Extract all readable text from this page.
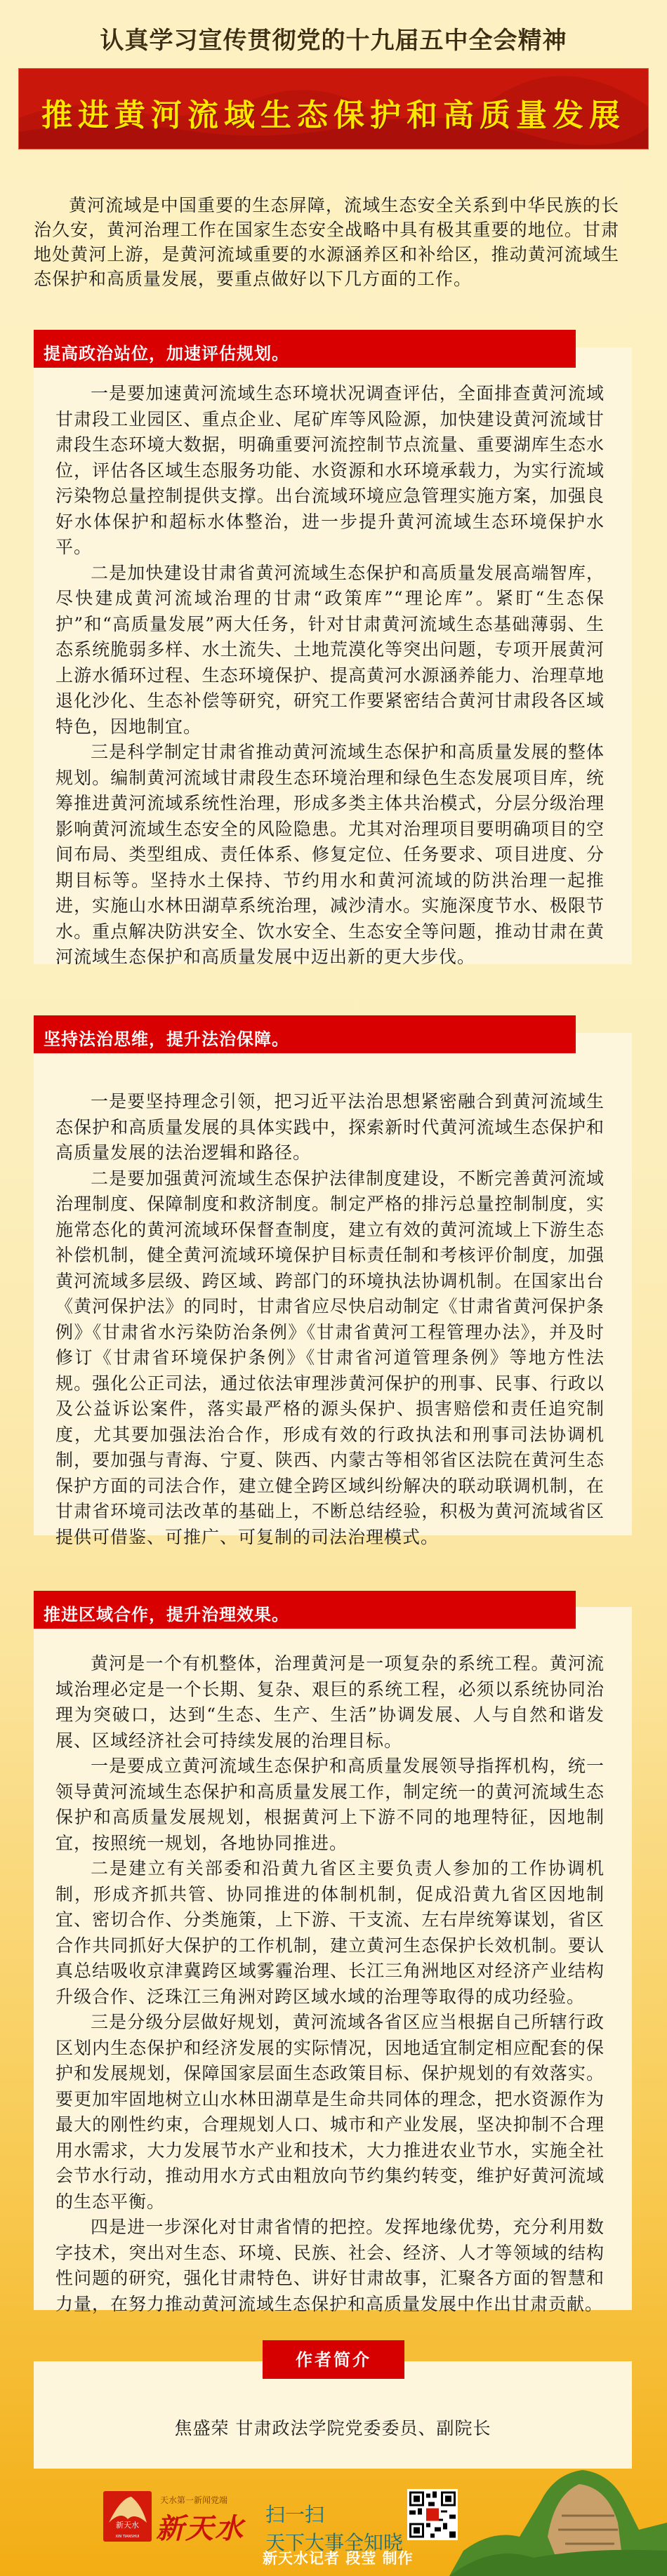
认真学习宣传贯彻党的十九届五中全会精神
推进黄河流域生态保护和高质量发展

黄河流域是中国重要的生态屏障，流域生态安全关系到中华民族的长治久安，黄河治理工作在国家生态安全战略中具有极其重要的地位。甘肃地处黄河上游，是黄河流域重要的水源涵养区和补给区，推动黄河流域生态保护和高质量发展，要重点做好以下几方面的工作。

一是要加速黄河流域生态环境状况调查评估，全面排查黄河流域甘肃段工业园区、重点企业、尾矿库等风险源，加快建设黄河流域甘肃段生态环境大数据，明确重要河流控制节点流量、重要湖库生态水位，评估各区域生态服务功能、水资源和水环境承载力，为实行流域污染物总量控制提供支撑。出台流域环境应急管理实施方案，加强良好水体保护和超标水体整治，进一步提升黄河流域生态环境保护水平。

二是加快建设甘肃省黄河流域生态保护和高质量发展高端智库，尽快建成黄河流域治理的甘肃“政策库”“理论库”。紧盯“生态保护”和“高质量发展”两大任务，针对甘肃黄河流域生态基础薄弱、生态系统脆弱多样、水土流失、土地荒漠化等突出问题，专项开展黄河上游水循环过程、生态环境保护、提高黄河水源涵养能力、治理草地退化沙化、生态补偿等研究，研究工作要紧密结合黄河甘肃段各区域特色，因地制宜。

三是科学制定甘肃省推动黄河流域生态保护和高质量发展的整体规划。编制黄河流域甘肃段生态环境治理和绿色生态发展项目库，统筹推进黄河流域系统性治理，形成多类主体共治模式，分层分级治理影响黄河流域生态安全的风险隐患。尤其对治理项目要明确项目的空间布局、类型组成、责任体系、修复定位、任务要求、项目进度、分期目标等。坚持水土保持、节约用水和黄河流域的防洪治理一起推进，实施山水林田湖草系统治理，减沙清水。实施深度节水、极限节水。重点解决防洪安全、饮水安全、生态安全等问题，推动甘肃在黄河流域生态保护和高质量发展中迈出新的更大步伐。

提高政治站位，加速评估规划。

一是要坚持理念引领，把习近平法治思想紧密融合到黄河流域生态保护和高质量发展的具体实践中，探索新时代黄河流域生态保护和高质量发展的法治逻辑和路径。

二是要加强黄河流域生态保护法律制度建设，不断完善黄河流域治理制度、保障制度和救济制度。制定严格的排污总量控制制度，实施常态化的黄河流域环保督查制度，建立有效的黄河流域上下游生态补偿机制，健全黄河流域环境保护目标责任制和考核评价制度，加强黄河流域多层级、跨区域、跨部门的环境执法协调机制。在国家出台《黄河保护法》的同时，甘肃省应尽快启动制定《甘肃省黄河保护条例》《甘肃省水污染防治条例》《甘肃省黄河工程管理办法》，并及时修订《甘肃省环境保护条例》《甘肃省河道管理条例》等地方性法规。强化公正司法，通过依法审理涉黄河保护的刑事、民事、行政以及公益诉讼案件，落实最严格的源头保护、损害赔偿和责任追究制度，尤其要加强法治合作，形成有效的行政执法和刑事司法协调机制，要加强与青海、宁夏、陕西、内蒙古等相邻省区法院在黄河生态保护方面的司法合作，建立健全跨区域纠纷解决的联动联调机制，在甘肃省环境司法改革的基础上，不断总结经验，积极为黄河流域省区提供可借鉴、可推广、可复制的司法治理模式。

坚持法治思维，提升法治保障。

黄河是一个有机整体，治理黄河是一项复杂的系统工程。黄河流域治理必定是一个长期、复杂、艰巨的系统工程，必须以系统协同治理为突破口，达到“生态、生产、生活”协调发展、人与自然和谐发展、区域经济社会可持续发展的治理目标。

一是要成立黄河流域生态保护和高质量发展领导指挥机构，统一领导黄河流域生态保护和高质量发展工作，制定统一的黄河流域生态保护和高质量发展规划，根据黄河上下游不同的地理特征，因地制宜，按照统一规划，各地协同推进。

二是建立有关部委和沿黄九省区主要负责人参加的工作协调机制，形成齐抓共管、协同推进的体制机制，促成沿黄九省区因地制宜、密切合作、分类施策，上下游、干支流、左右岸统筹谋划，省区合作共同抓好大保护的工作机制，建立黄河生态保护长效机制。要认真总结吸收京津冀跨区域雾霾治理、长江三角洲地区对经济产业结构升级合作、泛珠江三角洲对跨区域水域的治理等取得的成功经验。

三是分级分层做好规划，黄河流域各省区应当根据自己所辖行政区划内生态保护和经济发展的实际情况，因地适宜制定相应配套的保护和发展规划，保障国家层面生态政策目标、保护规划的有效落实。要更加牢固地树立山水林田湖草是生命共同体的理念，把水资源作为最大的刚性约束，合理规划人口、城市和产业发展，坚决抑制不合理用水需求，大力发展节水产业和技术，大力推进农业节水，实施全社会节水行动，推动用水方式由粗放向节约集约转变，维护好黄河流域的生态平衡。

四是进一步深化对甘肃省情的把控。发挥地缘优势，充分利用数字技术，突出对生态、环境、民族、社会、经济、人才等领域的结构性问题的研究，强化甘肃特色、讲好甘肃故事，汇聚各方面的智慧和力量，在努力推动黄河流域生态保护和高质量发展中作出甘肃贡献。

推进区域合作，提升治理效果。
作者简介
焦盛荣 甘肃政法学院党委委员、副院长
新天水
XIN TIANSHUI
天水第一新闻党端
新天水 扫一扫
天下大事全知晓
新天水记者 段莹 制作
